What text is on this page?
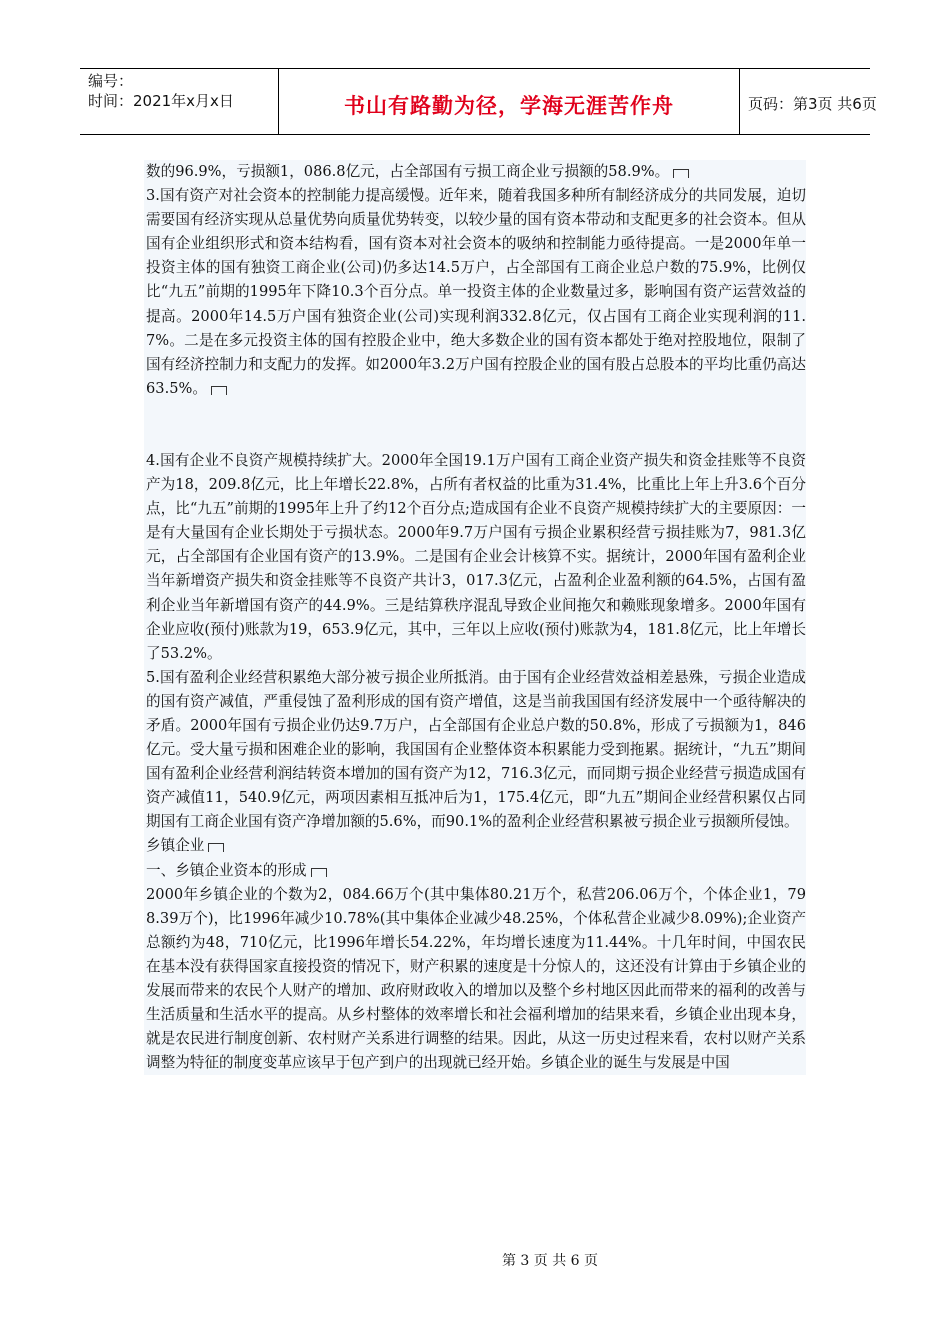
编号：
时间：2021年x月x日	书山有路勤为径，学海无涯苦作舟	页码：第3页 共6页

数的96.9%，亏损额1，086.8亿元，占全部国有亏损工商企业亏损额的58.9%。

3.国有资产对社会资本的控制能力提高缓慢。近年来，随着我国多种所有制经济成分的共同发展，迫切需要国有经济实现从总量优势向质量优势转变，以较少量的国有资本带动和支配更多的社会资本。但从国有企业组织形式和资本结构看，国有资本对社会资本的吸纳和控制能力亟待提高。一是2000年单一投资主体的国有独资工商企业(公司)仍多达14.5万户，占全部国有工商企业总户数的75.9%，比例仅比“九五”前期的1995年下降10.3个百分点。单一投资主体的企业数量过多，影响国有资产运营效益的提高。2000年14.5万户国有独资企业(公司)实现利润332.8亿元，仅占国有工商企业实现利润的11.7%。二是在多元投资主体的国有控股企业中，绝大多数企业的国有资本都处于绝对控股地位，限制了国有经济控制力和支配力的发挥。如2000年3.2万户国有控股企业的国有股占总股本的平均比重仍高达63.5%。

4.国有企业不良资产规模持续扩大。2000年全国19.1万户国有工商企业资产损失和资金挂账等不良资产为18，209.8亿元，比上年增长22.8%，占所有者权益的比重为31.4%，比重比上年上升3.6个百分点，比“九五”前期的1995年上升了约12个百分点;造成国有企业不良资产规模持续扩大的主要原因：一是有大量国有企业长期处于亏损状态。2000年9.7万户国有亏损企业累积经营亏损挂账为7，981.3亿元，占全部国有企业国有资产的13.9%。二是国有企业会计核算不实。据统计，2000年国有盈利企业当年新增资产损失和资金挂账等不良资产共计3，017.3亿元，占盈利企业盈利额的64.5%，占国有盈利企业当年新增国有资产的44.9%。三是结算秩序混乱导致企业间拖欠和赖账现象增多。2000年国有企业应收(预付)账款为19，653.9亿元，其中，三年以上应收(预付)账款为4，181.8亿元，比上年增长了53.2%。

5.国有盈利企业经营积累绝大部分被亏损企业所抵消。由于国有企业经营效益相差悬殊，亏损企业造成的国有资产减值，严重侵蚀了盈利形成的国有资产增值，这是当前我国国有经济发展中一个亟待解决的矛盾。2000年国有亏损企业仍达9.7万户，占全部国有企业总户数的50.8%，形成了亏损额为1，846亿元。受大量亏损和困难企业的影响，我国国有企业整体资本积累能力受到拖累。据统计，“九五”期间国有盈利企业经营利润结转资本增加的国有资产为12，716.3亿元，而同期亏损企业经营亏损造成国有资产减值11，540.9亿元，两项因素相互抵冲后为1，175.4亿元，即“九五”期间企业经营积累仅占同期国有工商企业国有资产净增加额的5.6%，而90.1%的盈利企业经营积累被亏损企业亏损额所侵蚀。

乡镇企业

一、乡镇企业资本的形成

2000年乡镇企业的个数为2，084.66万个(其中集体80.21万个，私营206.06万个，个体企业1，798.39万个)，比1996年减少10.78%(其中集体企业减少48.25%，个体私营企业减少8.09%);企业资产总额约为48，710亿元，比1996年增长54.22%，年均增长速度为11.44%。十几年时间，中国农民在基本没有获得国家直接投资的情况下，财产积累的速度是十分惊人的，这还没有计算由于乡镇企业的发展而带来的农民个人财产的增加、政府财政收入的增加以及整个乡村地区因此而带来的福利的改善与生活质量和生活水平的提高。从乡村整体的效率增长和社会福利增加的结果来看，乡镇企业出现本身，就是农民进行制度创新、农村财产关系进行调整的结果。因此，从这一历史过程来看，农村以财产关系调整为特征的制度变革应该早于包产到户的出现就已经开始。乡镇企业的诞生与发展是中国

第 3 页 共 6 页
